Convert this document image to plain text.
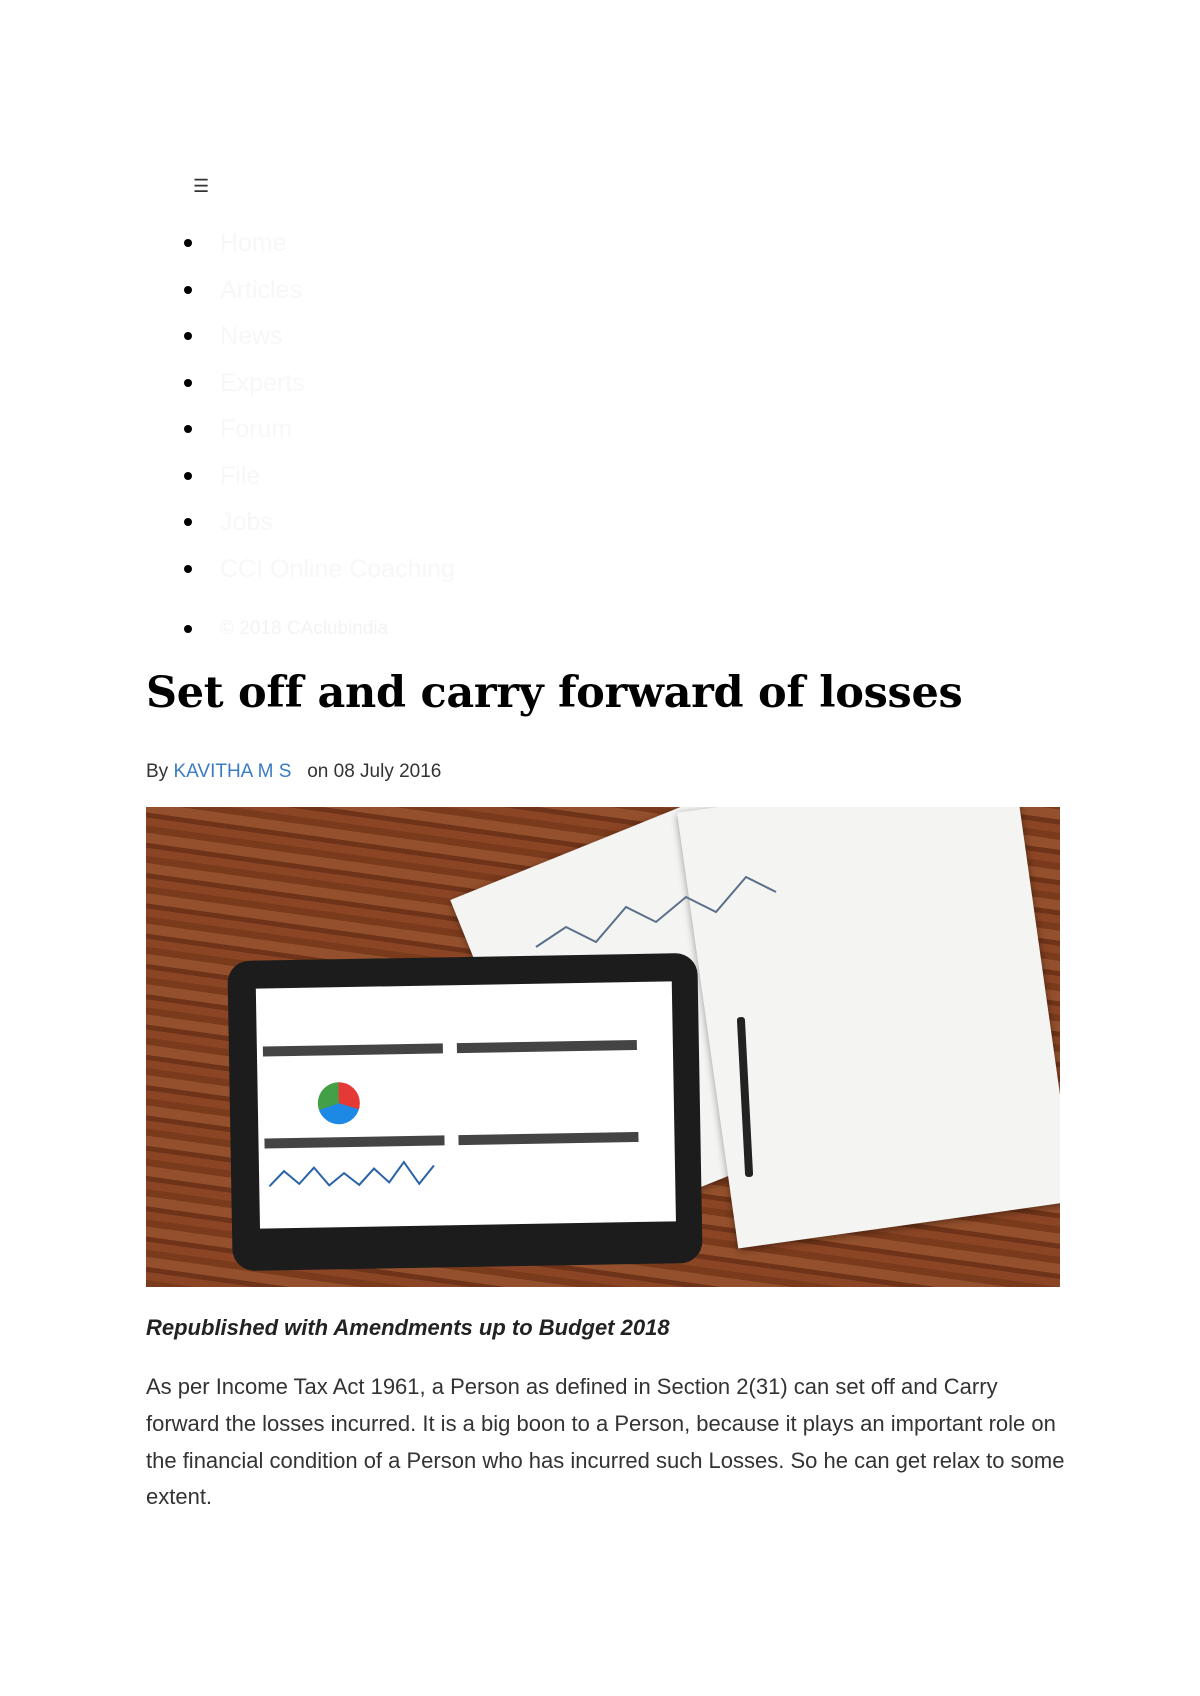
☰
Home
Articles
News
Experts
Forum
File
Jobs
CCI Online Coaching
© 2018 CAclubindia
Set off and carry forward of losses
By KAVITHA M S on 08 July 2016

Republished with Amendments up to Budget 2018

As per Income Tax Act 1961, a Person as defined in Section 2(31) can set off and Carry forward the losses incurred. It is a big boon to a Person, because it plays an important role on the financial condition of a Person who has incurred such Losses. So he can get relax to some extent.
